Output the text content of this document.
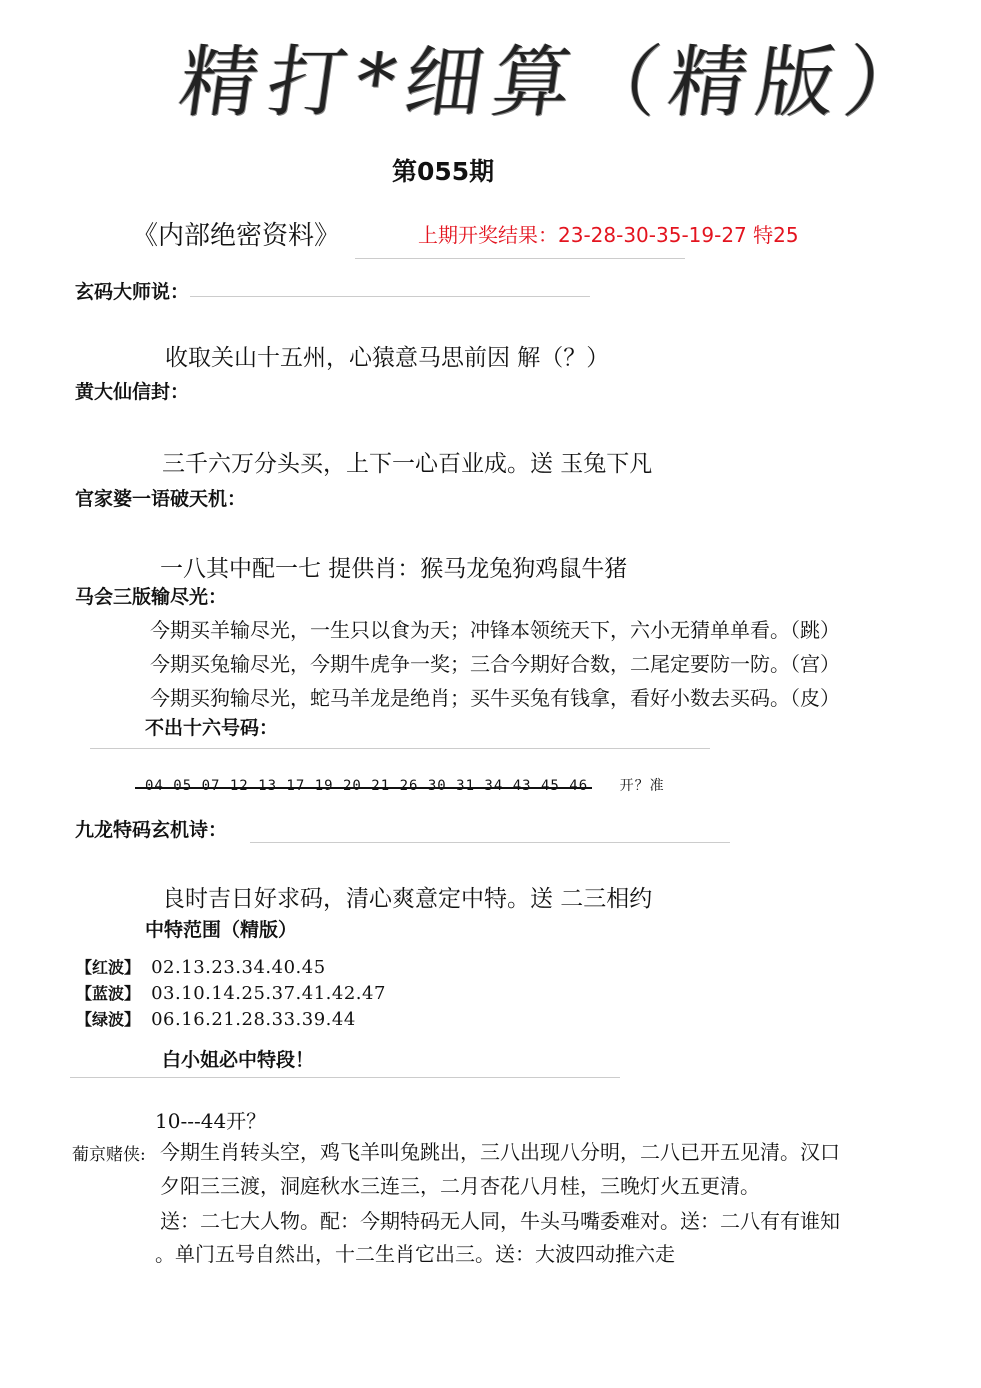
精打*细算（精版）
第055期
《内部绝密资料》	上期开奖结果：23-28-30-35-19-27 特25
玄码大师说：
收取关山十五州，心猿意马思前因 解（？）
黄大仙信封：
三千六万分头买，上下一心百业成。送 玉兔下凡
官家婆一语破天机：
一八其中配一七 提供肖：猴马龙兔狗鸡鼠牛猪
马会三版输尽光：
今期买羊输尽光，一生只以食为天；冲锋本领统天下，六小无猜单单看。（跳）
今期买兔输尽光，今期牛虎争一奖；三合今期好合数，二尾定要防一防。（宫）
今期买狗输尽光，蛇马羊龙是绝肖；买牛买兔有钱拿，看好小数去买码。（皮）
不出十六号码：
04 05 07 12 13 17 19 20 21 26 30 31 34 43 45 46 开？准
九龙特码玄机诗：
良时吉日好求码，清心爽意定中特。送 二三相约
中特范围（精版）
【红波】 02.13.23.34.40.45
【蓝波】 03.10.14.25.37.41.42.47
【绿波】 06.16.21.28.33.39.44
白小姐必中特段！
10---44开？
葡京赌侠: 今期生肖转头空，鸡飞羊叫兔跳出，三八出现八分明，二八已开五见清。汉口
夕阳三三渡，洞庭秋水三连三，二月杏花八月桂，三晚灯火五更清。
送：二七大人物。配：今期特码无人同，牛头马嘴委难对。送：二八有有谁知
。单门五号自然出，十二生肖它出三。送：大波四动推六走
